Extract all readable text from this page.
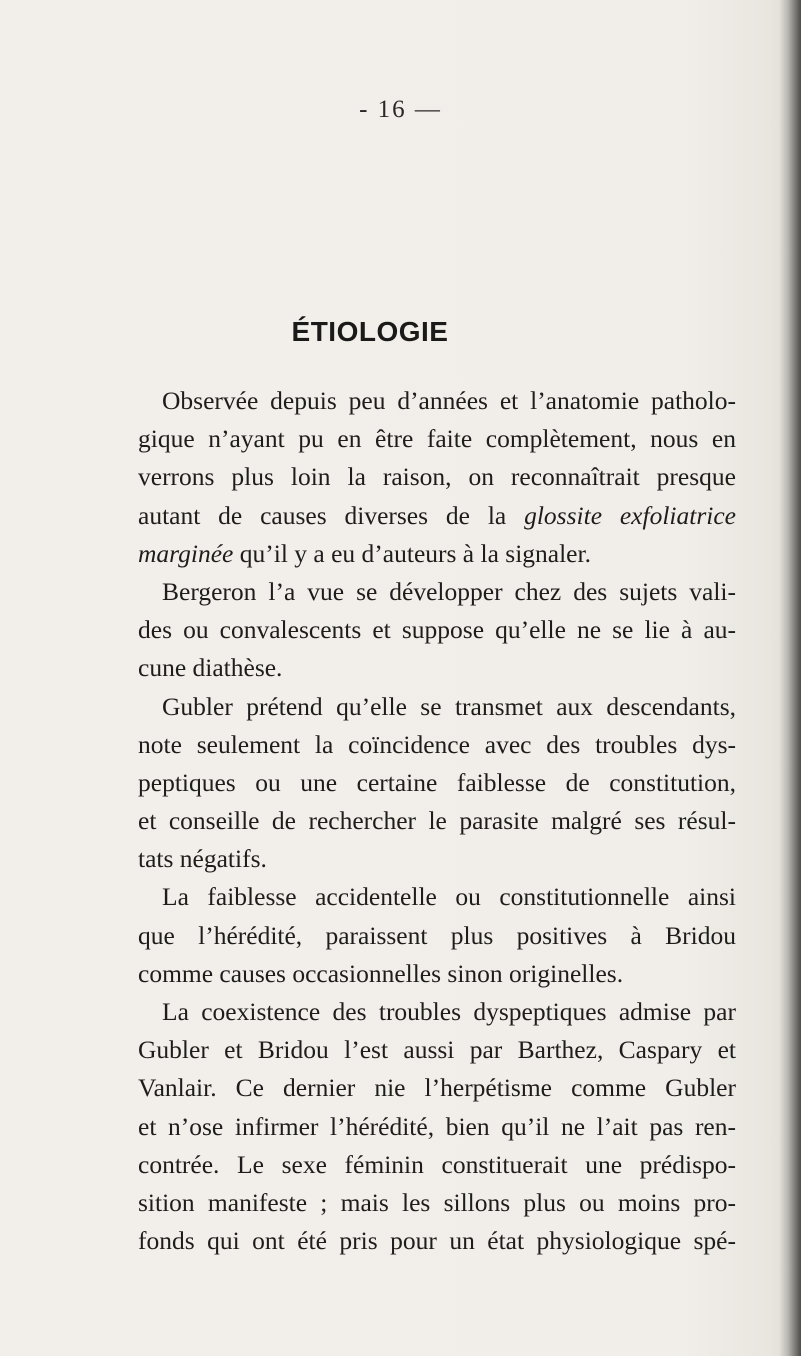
- 16 —
ÉTIOLOGIE
Observée depuis peu d’années et l’anatomie patholo-
gique n’ayant pu en être faite complètement, nous en
verrons plus loin la raison, on reconnaîtrait presque
autant de causes diverses de la glossite exfoliatrice
marginée qu’il y a eu d’auteurs à la signaler.
Bergeron l’a vue se développer chez des sujets vali-
des ou convalescents et suppose qu’elle ne se lie à au-
cune diathèse.
Gubler prétend qu’elle se transmet aux descendants,
note seulement la coïncidence avec des troubles dys-
peptiques ou une certaine faiblesse de constitution,
et conseille de rechercher le parasite malgré ses résul-
tats négatifs.
La faiblesse accidentelle ou constitutionnelle ainsi
que l’hérédité, paraissent plus positives à Bridou
comme causes occasionnelles sinon originelles.
La coexistence des troubles dyspeptiques admise par
Gubler et Bridou l’est aussi par Barthez, Caspary et
Vanlair. Ce dernier nie l’herpétisme comme Gubler
et n’ose infirmer l’hérédité, bien qu’il ne l’ait pas ren-
contrée. Le sexe féminin constituerait une prédispo-
sition manifeste ; mais les sillons plus ou moins pro-
fonds qui ont été pris pour un état physiologique spé-
